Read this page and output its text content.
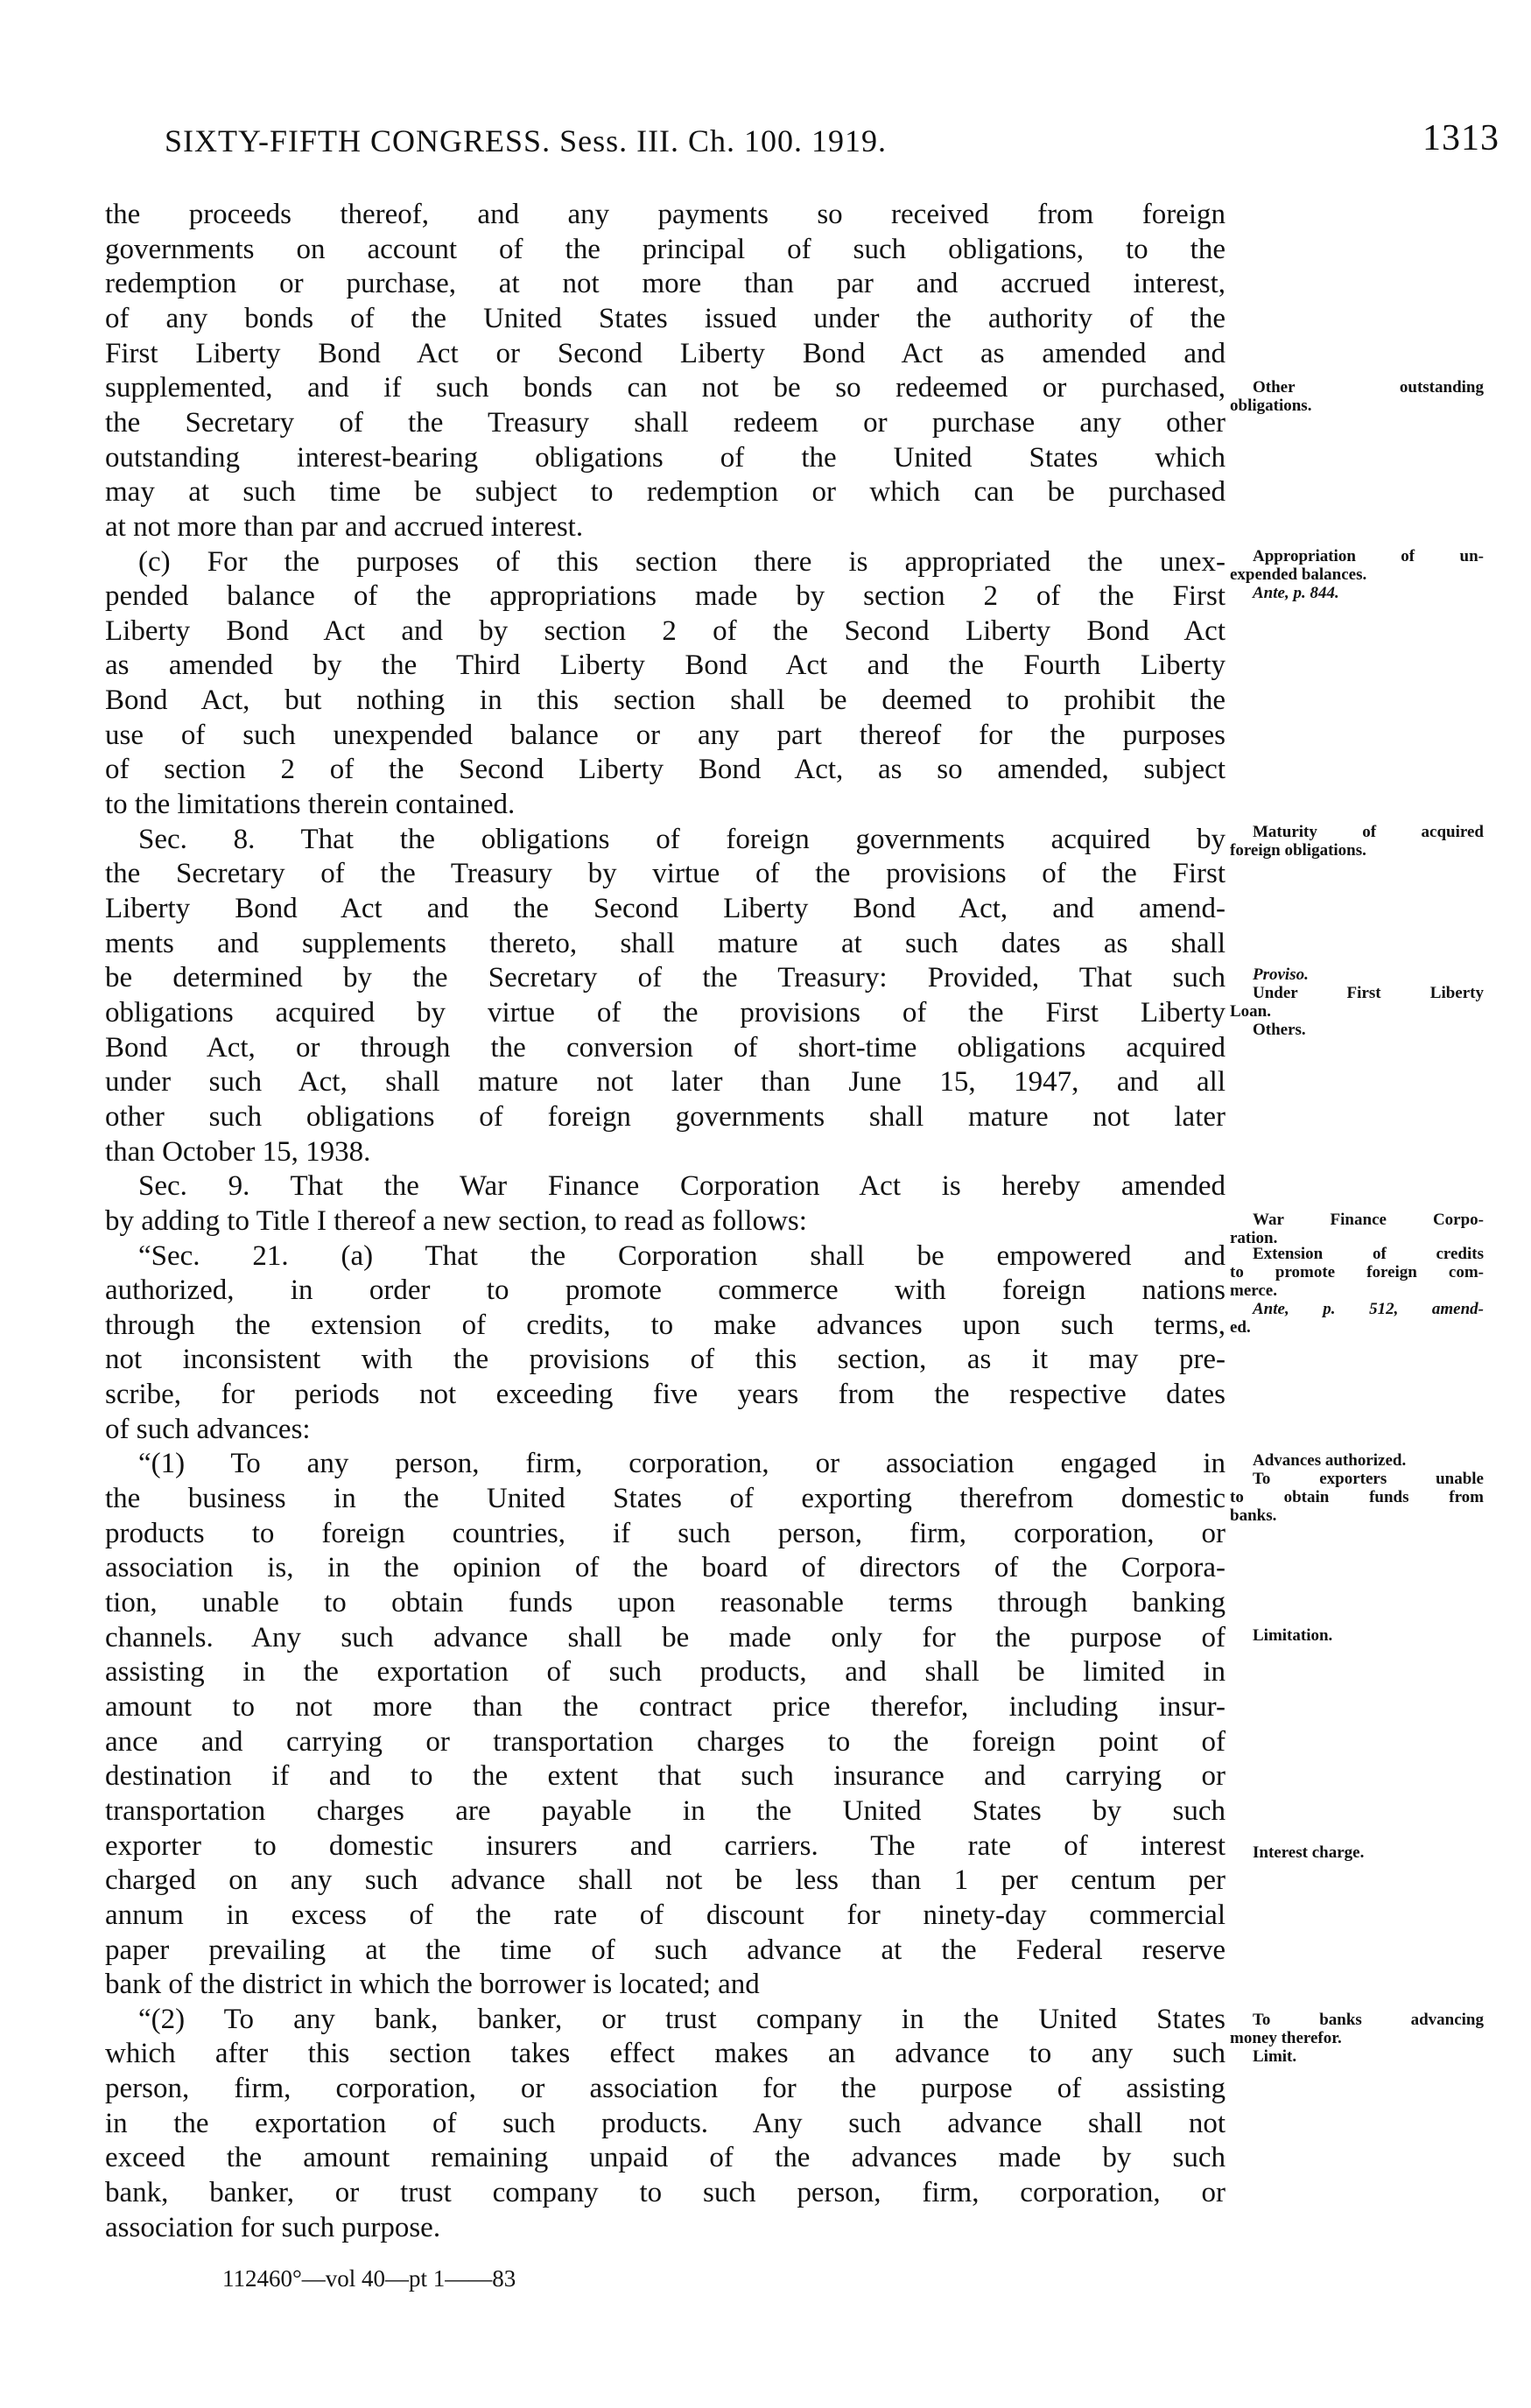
SIXTY-FIFTH CONGRESS. Sess. III. Ch. 100. 1919.	1313
the proceeds thereof, and any payments so received from foreign
governments on account of the principal of such obligations, to the
redemption or purchase, at not more than par and accrued interest,
of any bonds of the United States issued under the authority of the
First Liberty Bond Act or Second Liberty Bond Act as amended and
supplemented, and if such bonds can not be so redeemed or purchased,
the Secretary of the Treasury shall redeem or purchase any other
outstanding interest-bearing obligations of the United States which
may at such time be subject to redemption or which can be purchased
at not more than par and accrued interest.
(c) For the purposes of this section there is appropriated the unex-
pended balance of the appropriations made by section 2 of the First
Liberty Bond Act and by section 2 of the Second Liberty Bond Act
as amended by the Third Liberty Bond Act and the Fourth Liberty
Bond Act, but nothing in this section shall be deemed to prohibit the
use of such unexpended balance or any part thereof for the purposes
of section 2 of the Second Liberty Bond Act, as so amended, subject
to the limitations therein contained.
Sec. 8. That the obligations of foreign governments acquired by
the Secretary of the Treasury by virtue of the provisions of the First
Liberty Bond Act and the Second Liberty Bond Act, and amend-
ments and supplements thereto, shall mature at such dates as shall
be determined by the Secretary of the Treasury: Provided, That such
obligations acquired by virtue of the provisions of the First Liberty
Bond Act, or through the conversion of short-time obligations acquired
under such Act, shall mature not later than June 15, 1947, and all
other such obligations of foreign governments shall mature not later
than October 15, 1938.
Sec. 9. That the War Finance Corporation Act is hereby amended
by adding to Title I thereof a new section, to read as follows:
“Sec. 21. (a) That the Corporation shall be empowered and
authorized, in order to promote commerce with foreign nations
through the extension of credits, to make advances upon such terms,
not inconsistent with the provisions of this section, as it may pre-
scribe, for periods not exceeding five years from the respective dates
of such advances:
“(1) To any person, firm, corporation, or association engaged in
the business in the United States of exporting therefrom domestic
products to foreign countries, if such person, firm, corporation, or
association is, in the opinion of the board of directors of the Corpora-
tion, unable to obtain funds upon reasonable terms through banking
channels. Any such advance shall be made only for the purpose of
assisting in the exportation of such products, and shall be limited in
amount to not more than the contract price therefor, including insur-
ance and carrying or transportation charges to the foreign point of
destination if and to the extent that such insurance and carrying or
transportation charges are payable in the United States by such
exporter to domestic insurers and carriers. The rate of interest
charged on any such advance shall not be less than 1 per centum per
annum in excess of the rate of discount for ninety-day commercial
paper prevailing at the time of such advance at the Federal reserve
bank of the district in which the borrower is located; and
“(2) To any bank, banker, or trust company in the United States
which after this section takes effect makes an advance to any such
person, firm, corporation, or association for the purpose of assisting
in the exportation of such products. Any such advance shall not
exceed the amount remaining unpaid of the advances made by such
bank, banker, or trust company to such person, firm, corporation, or
association for such purpose.
Other outstanding
obligations.
Appropriation of un-
expended balances.
Ante, p. 844.
Maturity of acquired
foreign obligations.
Proviso.
Under First Liberty
Loan.
Others.
War Finance Corpo-
ration.
Extension of credits
to promote foreign com-
merce.
Ante, p. 512, amend-
ed.
Advances authorized.
To exporters unable
to obtain funds from
banks.
Limitation.
Interest charge.
To banks advancing
money therefor.
Limit.
112460°—vol 40—pt 1——83
